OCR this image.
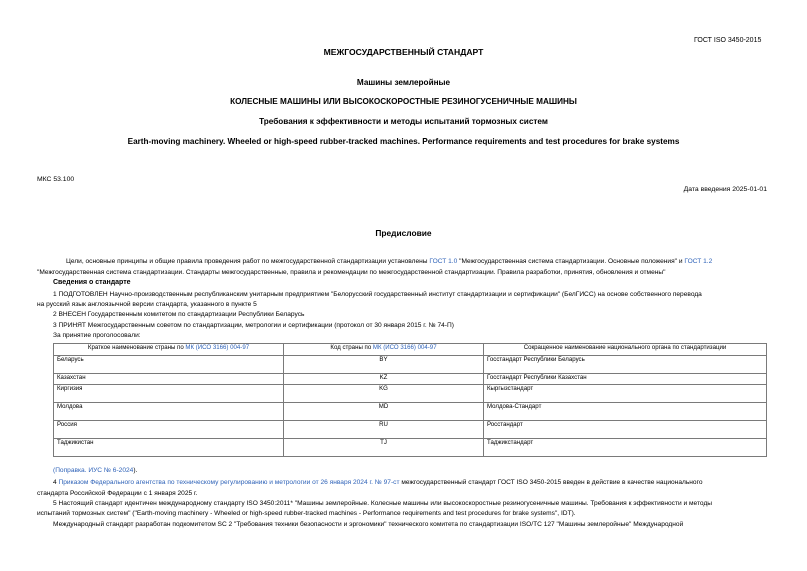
ГОСТ ISO 3450-2015
МЕЖГОСУДАРСТВЕННЫЙ СТАНДАРТ
Машины землеройные
КОЛЕСНЫЕ МАШИНЫ ИЛИ ВЫСОКОСКОРОСТНЫЕ РЕЗИНОГУСЕНИЧНЫЕ МАШИНЫ
Требования к эффективности и методы испытаний тормозных систем
Earth-moving machinery. Wheeled or high-speed rubber-tracked machines. Performance requirements and test procedures for brake systems
МКС 53.100
Дата введения 2025-01-01
Предисловие
Цели, основные принципы и общие правила проведения работ по межгосударственной стандартизации установлены ГОСТ 1.0 "Межгосударственная система стандартизации. Основные положения" и ГОСТ 1.2
"Межгосударственная система стандартизации. Стандарты межгосударственные, правила и рекомендации по межгосударственной стандартизации. Правила разработки, принятия, обновления и отмены"
Сведения о стандарте
1 ПОДГОТОВЛЕН Научно-производственным республиканским унитарным предприятием "Белорусский государственный институт стандартизации и сертификации" (БелГИСС) на основе собственного перевода
на русский язык англоязычной версии стандарта, указанного в пункте 5
2 ВНЕСЕН Государственным комитетом по стандартизации Республики Беларусь
3 ПРИНЯТ Межгосударственным советом по стандартизации, метрологии и сертификации (протокол от 30 января 2015 г. № 74-П)
За принятие проголосовали:
Краткое наименование страны по МК (ИСО 3166) 004-97	Код страны по МК (ИСО 3166) 004-97	Сокращенное наименование национального органа по стандартизации
Беларусь	BY	Госстандарт Республики Беларусь
Казахстан	KZ	Госстандарт Республики Казахстан
Киргизия	KG	Кыргызстандарт
Молдова	MD	Молдова-Стандарт
Россия	RU	Росстандарт
Таджикистан	TJ	Таджикстандарт
(Поправка. ИУС № 6-2024).
4 Приказом Федерального агентства по техническому регулированию и метрологии от 26 января 2024 г. № 97-ст межгосударственный стандарт ГОСТ ISO 3450-2015 введен в действие в качестве национального
стандарта Российской Федерации с 1 января 2025 г.
5 Настоящий стандарт идентичен международному стандарту ISO 3450:2011* "Машины землеройные. Колесные машины или высокоскоростные резиногусеничные машины. Требования к эффективности и методы
испытаний тормозных систем" ("Earth-moving machinery - Wheeled or high-speed rubber-tracked machines - Performance requirements and test procedures for brake systems", IDT).
Международный стандарт разработан подкомитетом SC 2 "Требования техники безопасности и эргономики" технического комитета по стандартизации ISO/TC 127 "Машины землеройные" Международной
